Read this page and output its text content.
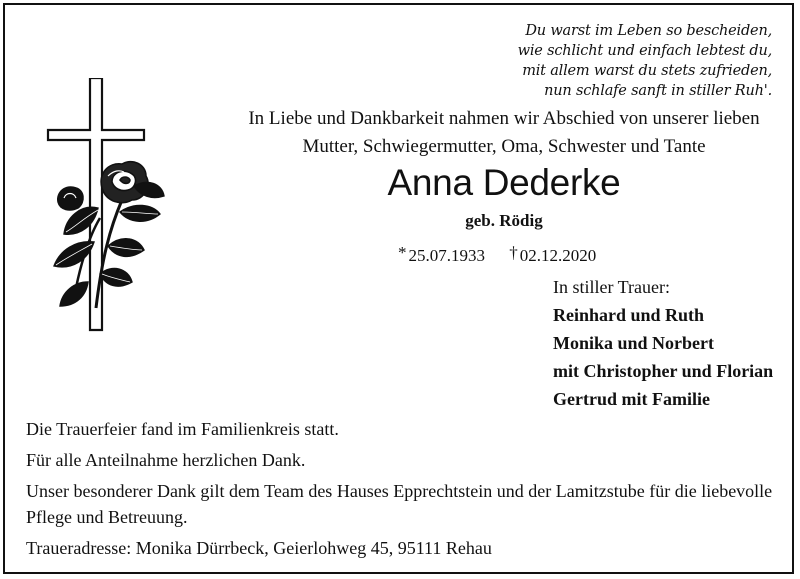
Du warst im Leben so bescheiden,
wie schlicht und einfach lebtest du,
mit allem warst du stets zufrieden,
nun schlafe sanft in stiller Ruh'.
In Liebe und Dankbarkeit nahmen wir Abschied von unserer lieben
Mutter, Schwiegermutter, Oma, Schwester und Tante
Anna Dederke
geb. Rödig
* 25.07.1933 † 02.12.2020
In stiller Trauer:
Reinhard und Ruth
Monika und Norbert
mit Christopher und Florian
Gertrud mit Familie

Die Trauerfeier fand im Familienkreis statt.

Für alle Anteilnahme herzlichen Dank.

Unser besonderer Dank gilt dem Team des Hauses Epprechtstein und der Lamitzstube für die liebevolle Pflege und Betreuung.

Traueradresse: Monika Dürrbeck, Geierlohweg 45, 95111 Rehau
